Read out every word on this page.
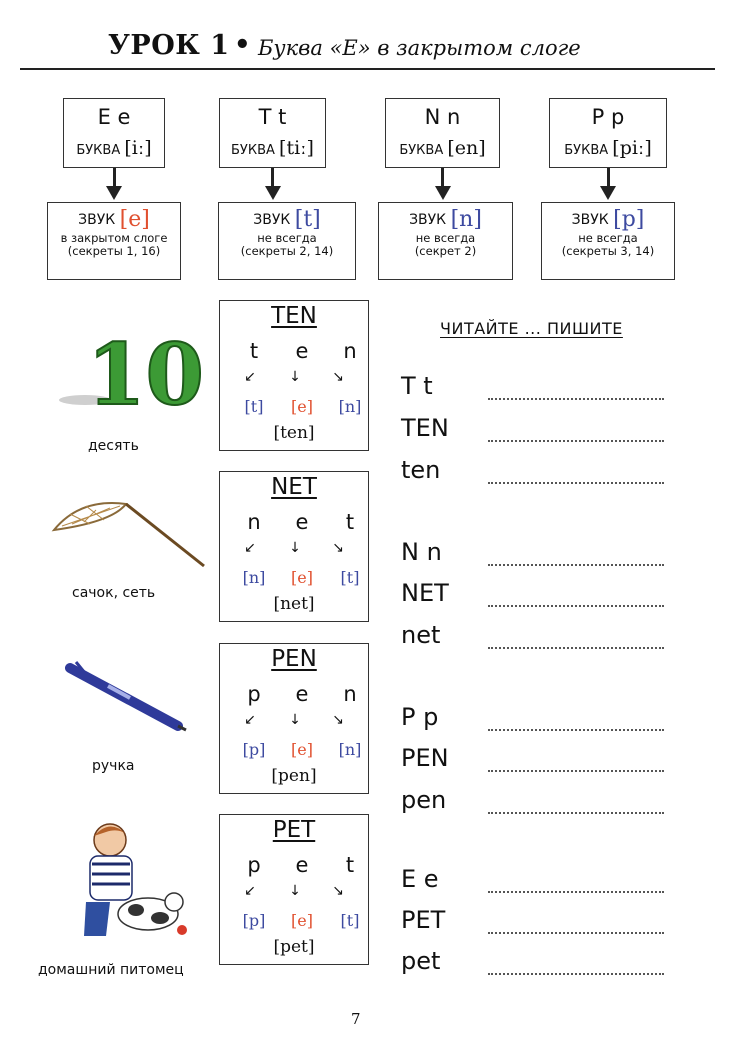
УРОК 1 • Буква «Е» в закрытом слоге
E e
БУКВА [iː]
ЗВУК [e]
в закрытом слоге
(секреты 1, 16)
T t
БУКВА [tiː]
ЗВУК [t]
не всегда
(секреты 2, 14)
N n
БУКВА [en]
ЗВУК [n]
не всегда
(секрет 2)
P p
БУКВА [piː]
ЗВУК [p]
не всегда
(секреты 3, 14)
TEN
t
↙
[t]
e
↓
[e]
n
↘
[n]
[ten]
NET
n
↙
[n]
e
↓
[e]
t
↘
[t]
[net]
PEN
p
↙
[p]
e
↓
[e]
n
↘
[n]
[pen]
PET
p
↙
[p]
e
↓
[e]
t
↘
[t]
[pet]
10
десять
сачок, сеть
ручка
домашний питомец
ЧИТАЙТЕ ... ПИШИТЕ
T t
TEN
ten
N n
NET
net
P p
PEN
pen
E e
PET
pet
7
